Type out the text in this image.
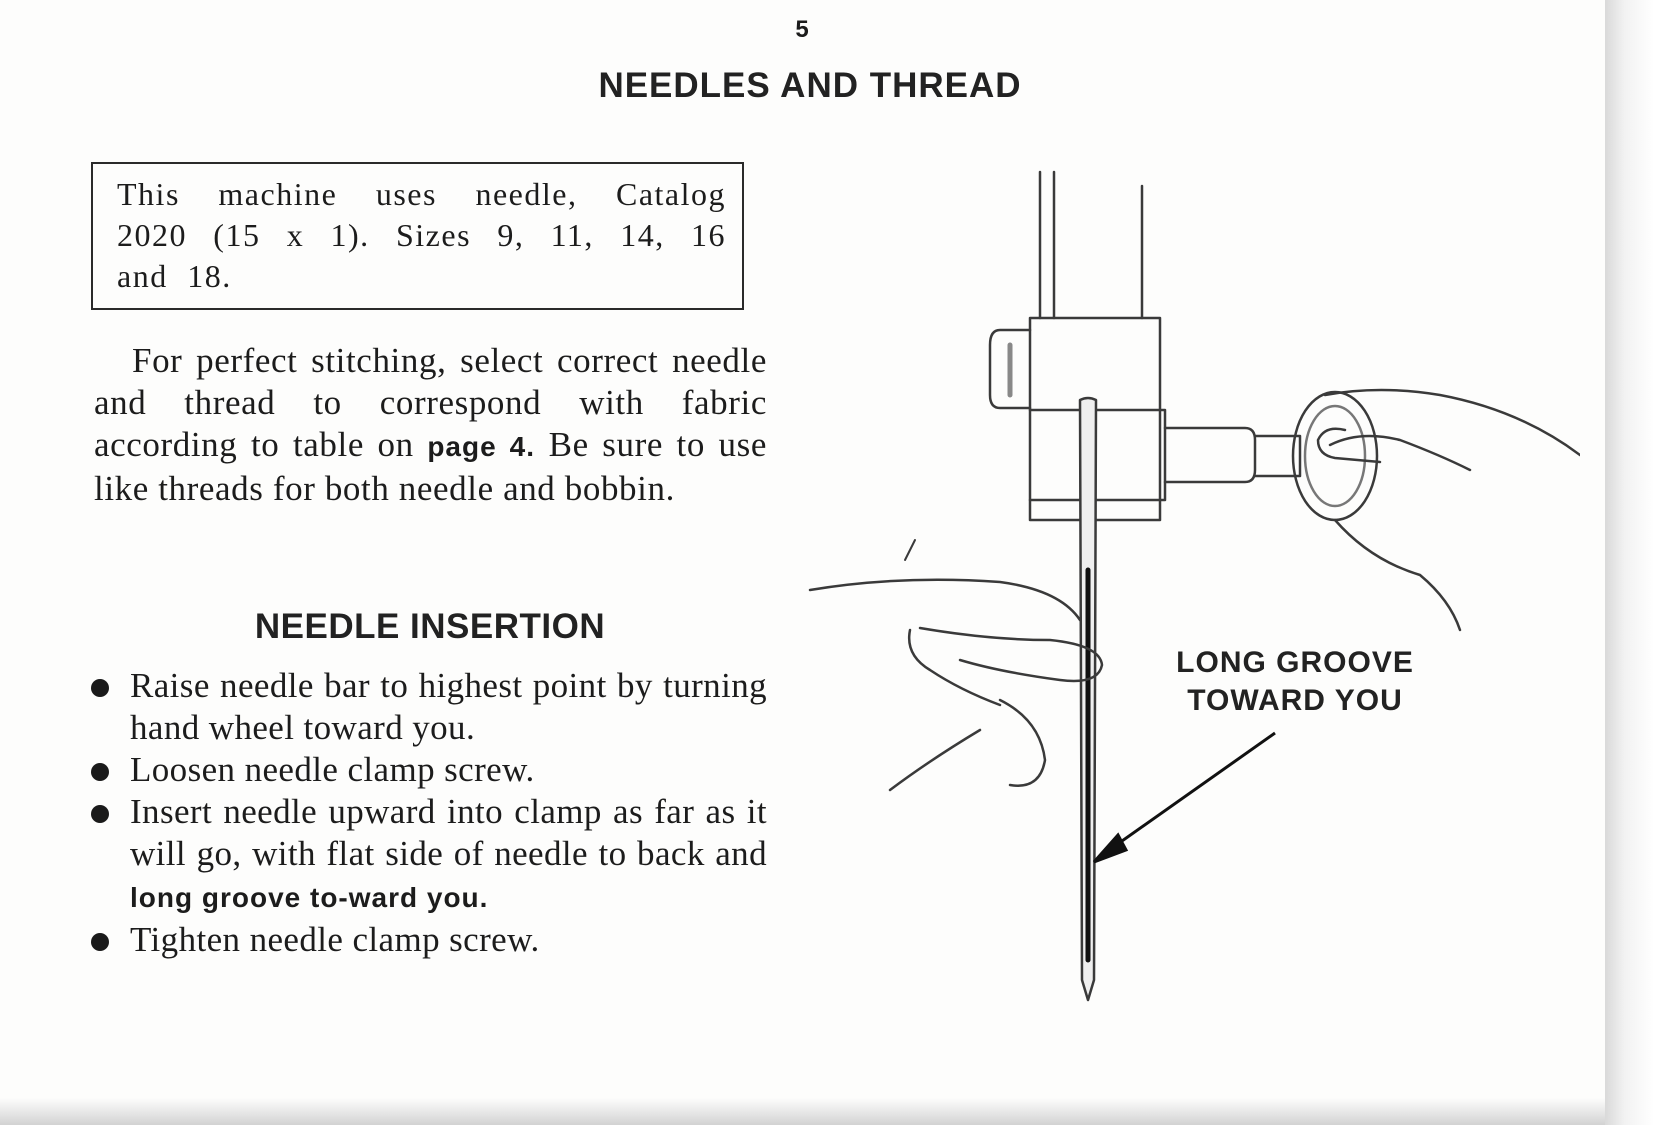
5
NEEDLES AND THREAD
This machine uses needle, Catalog 2020 (15 x 1). Sizes 9, 11, 14, 16 and 18.
For perfect stitching, select correct needle and thread to correspond with fabric according to table on page 4. Be sure to use like threads for both needle and bobbin.
NEEDLE INSERTION
Raise needle bar to highest point by turning hand wheel toward you.
Loosen needle clamp screw.
Insert needle upward into clamp as far as it will go, with flat side of needle to back and long groove to-ward you.
Tighten needle clamp screw.
LONG GROOVE
TOWARD YOU
